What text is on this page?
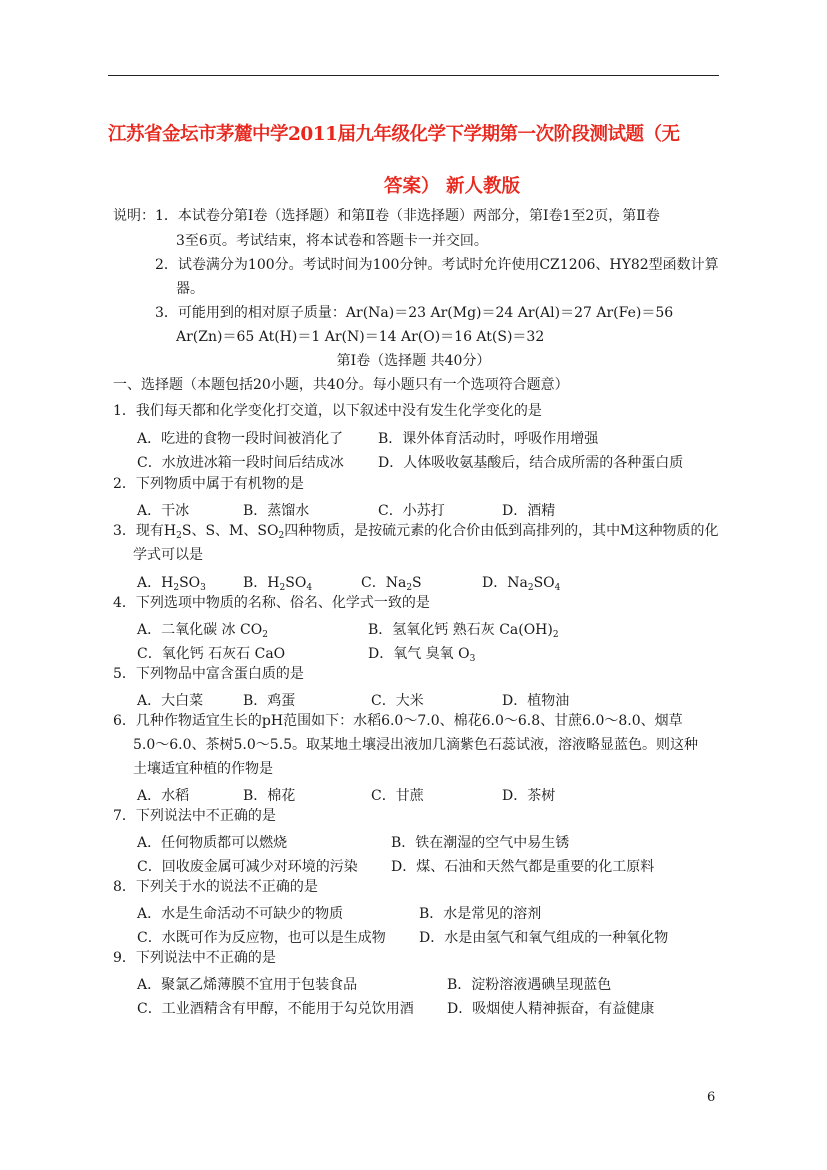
江苏省金坛市茅麓中学2011届九年级化学下学期第一次阶段测试题（无
答案） 新人教版
说明：1．本试卷分第Ⅰ卷（选择题）和第Ⅱ卷（非选择题）两部分，第Ⅰ卷1至2页，第Ⅱ卷
3至6页。考试结束，将本试卷和答题卡一并交回。
2．试卷满分为100分。考试时间为100分钟。考试时允许使用CZ1206、HY82型函数计算
器。
3．可能用到的相对原子质量：Ar(Na)＝23 Ar(Mg)＝24 Ar(Al)＝27 Ar(Fe)＝56
Ar(Zn)＝65 At(H)＝1 Ar(N)＝14 Ar(O)＝16 At(S)＝32
第Ⅰ卷（选择题 共40分）
一、选择题（本题包括20小题，共40分。每小题只有一个选项符合题意）
1．我们每天都和化学变化打交道，以下叙述中没有发生化学变化的是
A．吃进的食物一段时间被消化了 B．课外体育活动时，呼吸作用增强
C．水放进冰箱一段时间后结成冰 D．人体吸收氨基酸后，结合成所需的各种蛋白质
2．下列物质中属于有机物的是
A．干冰	B．蒸馏水	C．小苏打	D．酒精
3．现有$H_2S$、S、M、$SO_2$四种物质，是按硫元素的化合价由低到高排列的，其中M这种物质的化
学式可以是
A．$H_2SO_3$	B．$H_2SO_4$	C．$Na_2S$	D．$Na_2SO_4$
4．下列选项中物质的名称、俗名、化学式一致的是
A．二氧化碳 冰 $CO_2$	B．氢氧化钙 熟石灰 $Ca(OH)_2$
C．氧化钙 石灰石 CaO	D．氧气 臭氧 $O_3$
5．下列物品中富含蛋白质的是
A．大白菜	B．鸡蛋	C．大米	D．植物油
6．几种作物适宜生长的pH范围如下：水稻6.0～7.0、棉花6.0～6.8、甘蔗6.0～8.0、烟草
5.0～6.0、茶树5.0～5.5。取某地土壤浸出液加几滴紫色石蕊试液，溶液略显蓝色。则这种
土壤适宜种植的作物是
A．水稻	B．棉花	C．甘蔗	D．茶树
7．下列说法中不正确的是
A．任何物质都可以燃烧	B．铁在潮湿的空气中易生锈
C．回收废金属可减少对环境的污染 D．煤、石油和天然气都是重要的化工原料
8．下列关于水的说法不正确的是
A．水是生命活动不可缺少的物质	B．水是常见的溶剂
C．水既可作为反应物，也可以是生成物 D．水是由氢气和氧气组成的一种氧化物
9．下列说法中不正确的是
A．聚氯乙烯薄膜不宜用于包装食品	B．淀粉溶液遇碘呈现蓝色
C．工业酒精含有甲醇，不能用于勾兑饮用酒 D．吸烟使人精神振奋，有益健康
6
